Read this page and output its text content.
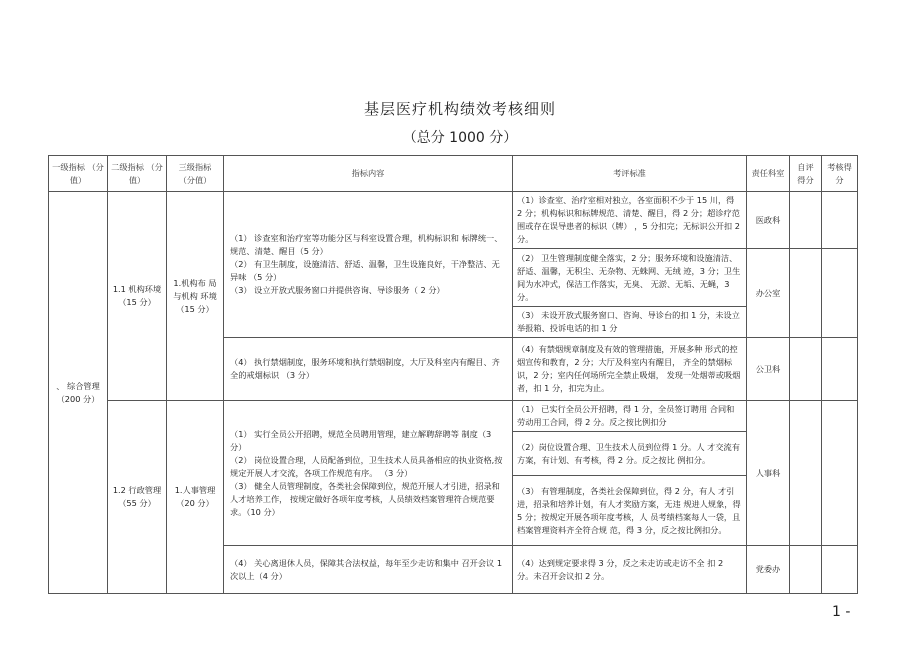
基层医疗机构绩效考核细则
（总分 1000 分）
一级指标 （分值）	二级指标 （分值）	三级指标 （分值）	指标内容	考评标准	责任科室	自评 得分	考核得分
、 综合管理 （200 分）	1.1 机构环境 （15 分）	1.机构布 局与机构 环境 （15 分）	（1） 诊查室和治疗室等功能分区与科室设置合理，机构标识和 标牌统一、规范、清楚、醒目（5 分）

（2） 有卫生制度，设施清洁、舒适、温馨，卫生设施良好，干净整洁、无异味 （5 分）

（3） 设立开放式服务窗口并提供咨询、导诊服务（ 2 分）	（1）诊查室、治疗室相对独立，各室面积不少于 15 川，得 2 分；机构标识和标牌规范、清楚、醒目，得 2 分；超诊疗范围或存在误导患者的标识（牌） ，5 分扣完；无标识公开扣 2 分。	医政科		
				（2） 卫生管理制度健全落实，2 分；服务环境和设施清洁、舒适、温馨，无积尘、无杂物、无蛛网、无绒 迹，3 分；卫生间为水冲式，保洁工作落实，无臭、 无淤、无垢、无蝇，3 分。	办公室		
				（3） 未设开放式服务窗口、咨询、导诊台的扣 1 分，未设立举报箱、投诉电话的扣 1 分			
			（4） 执行禁烟制度，服务环境和执行禁烟制度，大厅及科室内有醒目、齐全的戒烟标识 （3 分）	（4）有禁烟规章制度及有效的管理措施，开展多种 形式的控烟宣传和教育，2 分；大厅及科室内有醒目， 齐全的禁烟标识，2 分；室内任何场所完全禁止吸烟， 发现一处烟蒂或吸烟者，扣 1 分，扣完为止。	公卫科		
	1.2 行政管理 （55 分）	1.人事管理 （20 分）	（1） 实行全员公开招聘，规范全员聘用管理，建立解聘辞聘等 制度（3 分）

（2） 岗位设置合理，人员配备到位，卫生技术人员具备相应的执业资格,按规定开展人才交流，各项工作规范有序。 （3 分）

（3） 健全人员管理制度，各类社会保障到位，规范开展人才引进，招录和人才培养工作， 按规定做好各项年度考核，人员绩效档案管理符合规范要求。（10 分）	（1） 已实行全员公开招聘，得 1 分，全员签订聘用 合同和劳动用工合同，得 2 分。反之按比例扣分	人事科		
				（2）岗位设置合理、卫生技术人员到位得 1 分。人 才交流有方案，有计划、有考核，得 2 分。反之按比 例扣分。			
				（3） 有管理制度，各类社会保障到位，得 2 分，有人 才引进，招录和培养计划，有人才奖励方案，无违 规进人规象，得 5 分；按规定开展各项年度考核，人 员考绩档案每人一袋，且档案管理资料齐全符合规 范，得 3 分，反之按比例扣分。			
			（4） 关心离退休人员，保障其合法权益，每年至少走访和集中 召开会议 1 次以上（4 分）	（4）达到规定要求得 3 分，反之未走访或走访不全 扣 2 分。未召开会议扣 2 分。	党委办		
1 -
